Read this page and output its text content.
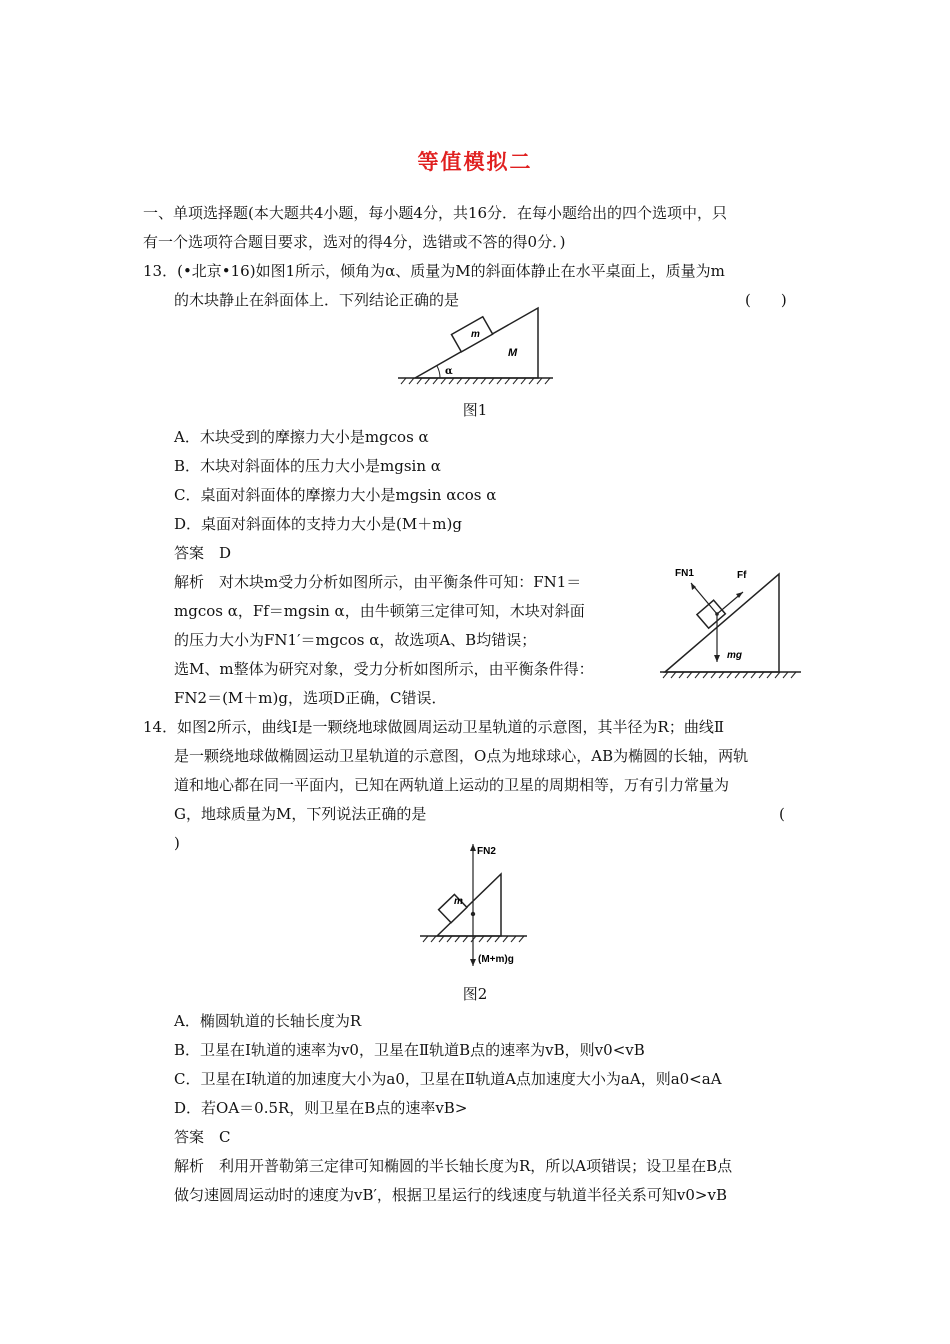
等值模拟二
一、单项选择题(本大题共4小题，每小题4分，共16分．在每小题给出的四个选项中，只
有一个选项符合题目要求，选对的得4分，选错或不答的得0分．)
13．(•北京•16)如图1所示，倾角为α、质量为M的斜面体静止在水平桌面上，质量为m
的木块静止在斜面体上．下列结论正确的是	(　　)
m
M
α
图1
A．木块受到的摩擦力大小是mgcos α
B．木块对斜面体的压力大小是mgsin α
C．桌面对斜面体的摩擦力大小是mgsin αcos α
D．桌面对斜面体的支持力大小是(M＋m)g
答案　D
解析　对木块m受力分析如图所示，由平衡条件可知：FN1＝
mgcos α，Ff＝mgsin α，由牛顿第三定律可知，木块对斜面
的压力大小为FN1′＝mgcos α，故选项A、B均错误；
选M、m整体为研究对象，受力分析如图所示，由平衡条件得：
FN2＝(M＋m)g，选项D正确，C错误．
FN1	Ff
mg
14．如图2所示，曲线Ⅰ是一颗绕地球做圆周运动卫星轨道的示意图，其半径为R；曲线Ⅱ
是一颗绕地球做椭圆运动卫星轨道的示意图，O点为地球球心，AB为椭圆的长轴，两轨
道和地心都在同一平面内，已知在两轨道上运动的卫星的周期相等，万有引力常量为
G，地球质量为M，下列说法正确的是	(
)	FN2
m
(M+m)g
图2
A．椭圆轨道的长轴长度为R
B．卫星在Ⅰ轨道的速率为v0，卫星在Ⅱ轨道B点的速率为vB，则v0<vB
C．卫星在Ⅰ轨道的加速度大小为a0，卫星在Ⅱ轨道A点加速度大小为aA，则a0<aA
D．若OA＝0.5R，则卫星在B点的速率vB>
答案　C
解析　利用开普勒第三定律可知椭圆的半长轴长度为R，所以A项错误；设卫星在B点
做匀速圆周运动时的速度为vB′，根据卫星运行的线速度与轨道半径关系可知v0>vB
